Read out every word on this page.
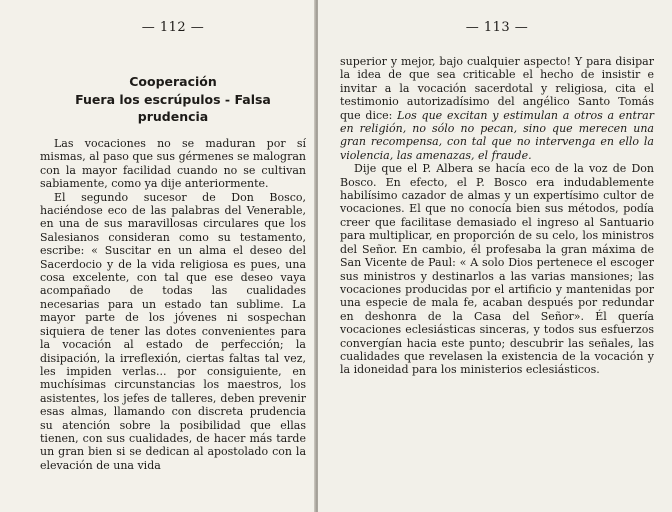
— 112 —
Cooperación
Fuera los escrúpulos - Falsa prudencia

Las vocaciones no se maduran por sí mismas, al paso que sus gérmenes se malogran con la mayor facilidad cuando no se cultivan sabiamente, como ya dije anteriormente.

El segundo sucesor de Don Bosco, haciéndose eco de las palabras del Venerable, en una de sus maravillosas circulares que los Salesianos consideran como su testamento, escribe: « Suscitar en un alma el deseo del Sacerdocio y de la vida religiosa es pues, una cosa excelente, con tal que ese deseo vaya acompañado de todas las cualidades necesarias para un estado tan sublime. La mayor parte de los jóvenes ni sospechan siquiera de tener las dotes convenientes para la vocación al estado de perfección; la disipación, la irreflexión, ciertas faltas tal vez, les impiden verlas... por consiguiente, en muchísimas circunstancias los maestros, los asistentes, los jefes de talleres, deben prevenir esas almas, llamando con discreta prudencia su atención sobre la posibilidad que ellas tienen, con sus cualidades, de hacer más tarde un gran bien si se dedican al apostolado con la elevación de una vida

— 113 —

superior y mejor, bajo cualquier aspecto! Y para disipar la idea de que sea criticable el hecho de insistir e invitar a la vocación sacerdotal y religiosa, cita el testimonio autorizadísimo del angélico Santo Tomás que dice: Los que excitan y estimulan a otros a entrar en religión, no sólo no pecan, sino que merecen una gran recompensa, con tal que no intervenga en ello la violencia, las amenazas, el fraude.

Dije que el P. Albera se hacía eco de la voz de Don Bosco. En efecto, el P. Bosco era indudablemente habilísimo cazador de almas y un expertísimo cultor de vocaciones. El que no conocía bien sus métodos, podía creer que facilitase demasiado el ingreso al Santuario para multiplicar, en proporción de su celo, los ministros del Señor. En cambio, él profesaba la gran máxima de San Vicente de Paul: « A solo Dios pertenece el escoger sus ministros y destinarlos a las varias mansiones; las vocaciones producidas por el artificio y mantenidas por una especie de mala fe, acaban después por redundar en deshonra de la Casa del Señor». Él quería vocaciones eclesiásticas sinceras, y todos sus esfuerzos convergían hacia este punto; descubrir las señales, las cualidades que revelasen la existencia de la vocación y la idoneidad para los ministerios eclesiásticos.
